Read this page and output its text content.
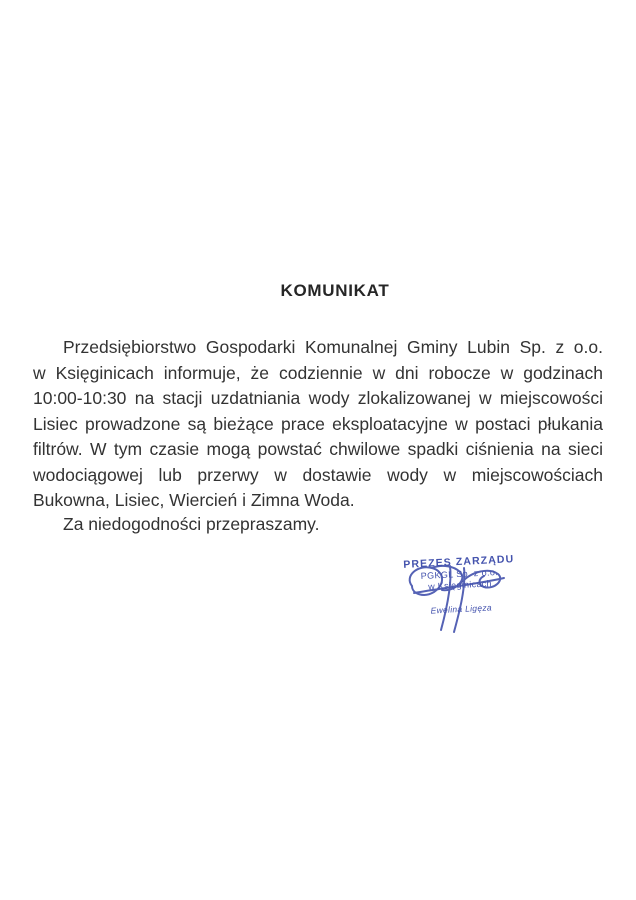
KOMUNIKAT
Przedsiębiorstwo Gospodarki Komunalnej Gminy Lubin Sp. z o.o.
w Księginicach informuje, że codziennie w dni robocze w godzinach
10:00-10:30 na stacji uzdatniania wody zlokalizowanej w miejscowości
Lisiec prowadzone są bieżące prace eksploatacyjne w postaci płukania
filtrów. W tym czasie mogą powstać chwilowe spadki ciśnienia na sieci
wodociągowej lub przerwy w dostawie wody w miejscowościach
Bukowna, Lisiec, Wiercień i Zimna Woda.
Za niedogodności przepraszamy.
PREZES ZARZĄDU
PGKGL Sp. z o.o.
w Księginicach
Ewelina Ligęza
